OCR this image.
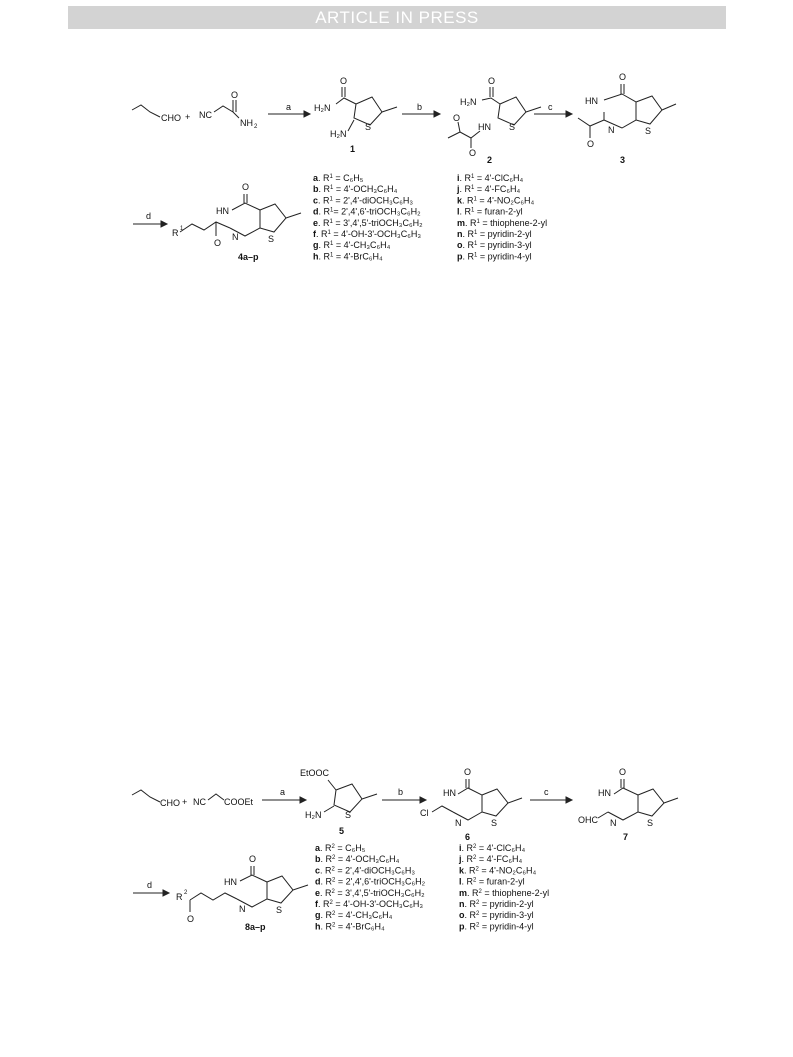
ARTICLE IN PRESS
CHO + NC
O
NH 2
a
O
H₂N
S
H₂N
1
b
O
H₂N
S
HN
O
O
2
c
O
HN
N	S
O
3
d
O
HN
N	S
O
R 1
4a–p
a. $R^1 = C_6H_5$
b. $R^1 = 4'-OCH_3C_6H_4$
c. $R^1$ = 2',4'-diOCH₃C₆H₃
d. $R^1=$ 2',4',6'-triOCH₃C₆H₂
e. $R^1$ = 3',4',5'-triOCH₃C₆H₂
f. $R^1 = 4'-OH-3'-OCH_3C_6H_3$
g. $R^1 = 4'-CH_3C_6H_4$
h. $R^1 = 4'-BrC_6H_4$
i. $R^1 = 4'-ClC_6H_4$
j. $R^1 = 4'-FC_6H_4$
k. $R^1 = 4'-NO_2C_6H_4$
l. $R^1$ = furan-2-yl
m. $R^1$ = thiophene-2-yl
n. $R^1$ = pyridin-2-yl
o. $R^1$ = pyridin-3-yl
p. $R^1$ = pyridin-4-yl
CHO + NC COOEt
a
EtOOC
S
H₂N
5
b
O
HN
N	S
Cl
6
c
O
HN
N	S
OHC
7
d
O
HN
N	S
O
R 2
8a–p
a. $R^2 = C_6H_5$
b. $R^2 = 4'-OCH_3C_6H_4$
c. $R^2$ = 2',4'-diOCH₃C₆H₃
d. $R^2$ = 2',4',6'-triOCH₃C₆H₂
e. $R^2$ = 3',4',5'-triOCH₃C₆H₂
f. $R^2 = 4'-OH-3'-OCH_3C_6H_3$
g. $R^2 = 4'-CH_3C_6H_4$
h. $R^2 = 4'-BrC_6H_4$
i. $R^2 = 4'-ClC_6H_4$
j. $R^2 = 4'-FC_6H_4$
k. $R^2 = 4'-NO_2C_6H_4$
l. $R^2$ = furan-2-yl
m. $R^2$ = thiophene-2-yl
n. $R^2$ = pyridin-2-yl
o. $R^2$ = pyridin-3-yl
p. $R^2$ = pyridin-4-yl
